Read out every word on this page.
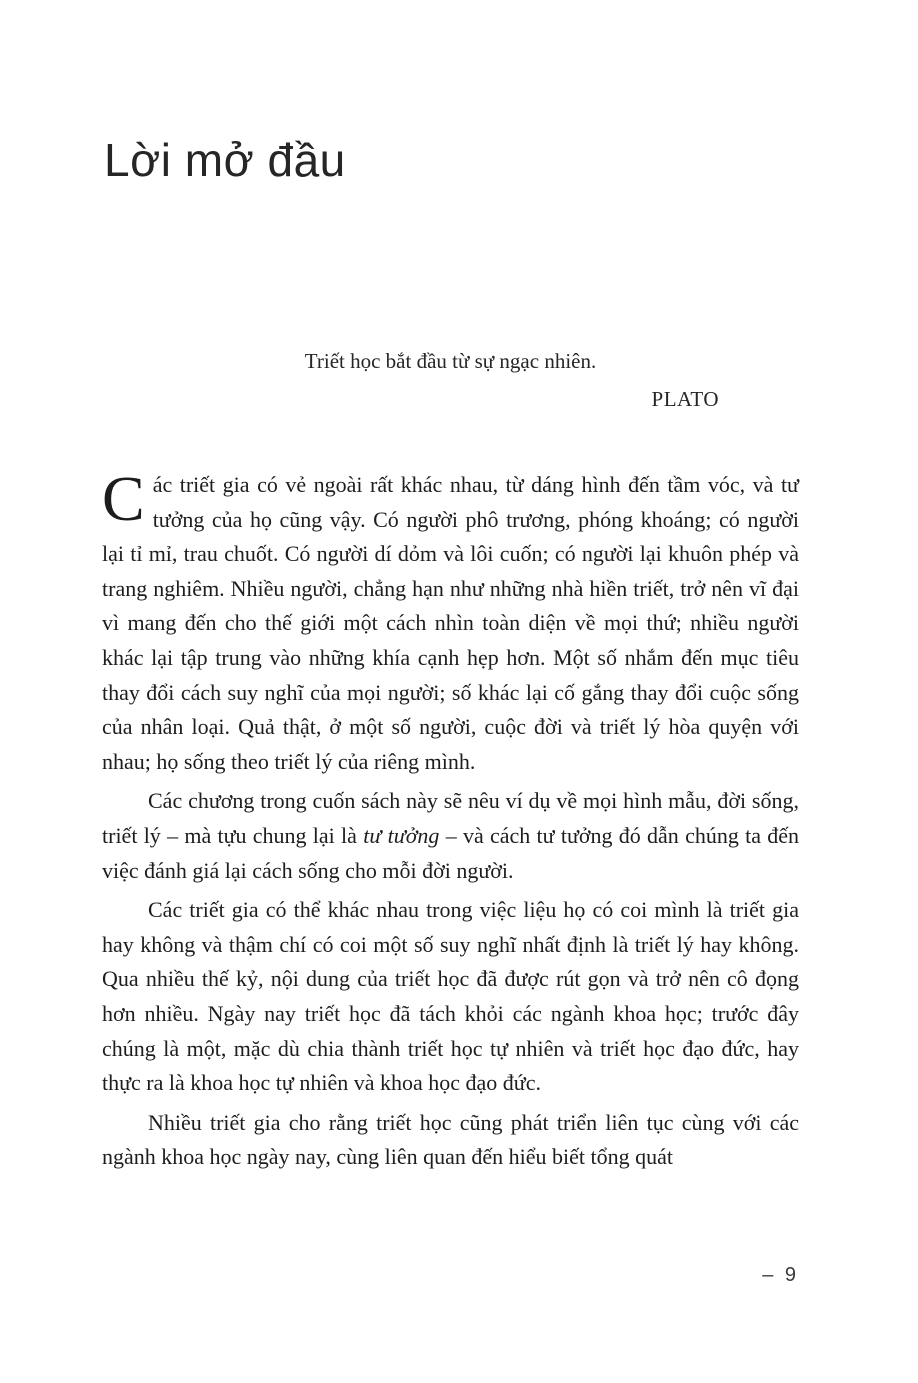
Lời mở đầu
Triết học bắt đầu từ sự ngạc nhiên.
PLATO

Các triết gia có vẻ ngoài rất khác nhau, từ dáng hình đến tầm vóc, và tư tưởng của họ cũng vậy. Có người phô trương, phóng khoáng; có người lại tỉ mỉ, trau chuốt. Có người dí dỏm và lôi cuốn; có người lại khuôn phép và trang nghiêm. Nhiều người, chẳng hạn như những nhà hiền triết, trở nên vĩ đại vì mang đến cho thế giới một cách nhìn toàn diện về mọi thứ; nhiều người khác lại tập trung vào những khía cạnh hẹp hơn. Một số nhắm đến mục tiêu thay đổi cách suy nghĩ của mọi người; số khác lại cố gắng thay đổi cuộc sống của nhân loại. Quả thật, ở một số người, cuộc đời và triết lý hòa quyện với nhau; họ sống theo triết lý của riêng mình.

Các chương trong cuốn sách này sẽ nêu ví dụ về mọi hình mẫu, đời sống, triết lý – mà tựu chung lại là tư tưởng – và cách tư tưởng đó dẫn chúng ta đến việc đánh giá lại cách sống cho mỗi đời người.

Các triết gia có thể khác nhau trong việc liệu họ có coi mình là triết gia hay không và thậm chí có coi một số suy nghĩ nhất định là triết lý hay không. Qua nhiều thế kỷ, nội dung của triết học đã được rút gọn và trở nên cô đọng hơn nhiều. Ngày nay triết học đã tách khỏi các ngành khoa học; trước đây chúng là một, mặc dù chia thành triết học tự nhiên và triết học đạo đức, hay thực ra là khoa học tự nhiên và khoa học đạo đức.

Nhiều triết gia cho rằng triết học cũng phát triển liên tục cùng với các ngành khoa học ngày nay, cùng liên quan đến hiểu biết tổng quát

– 9
